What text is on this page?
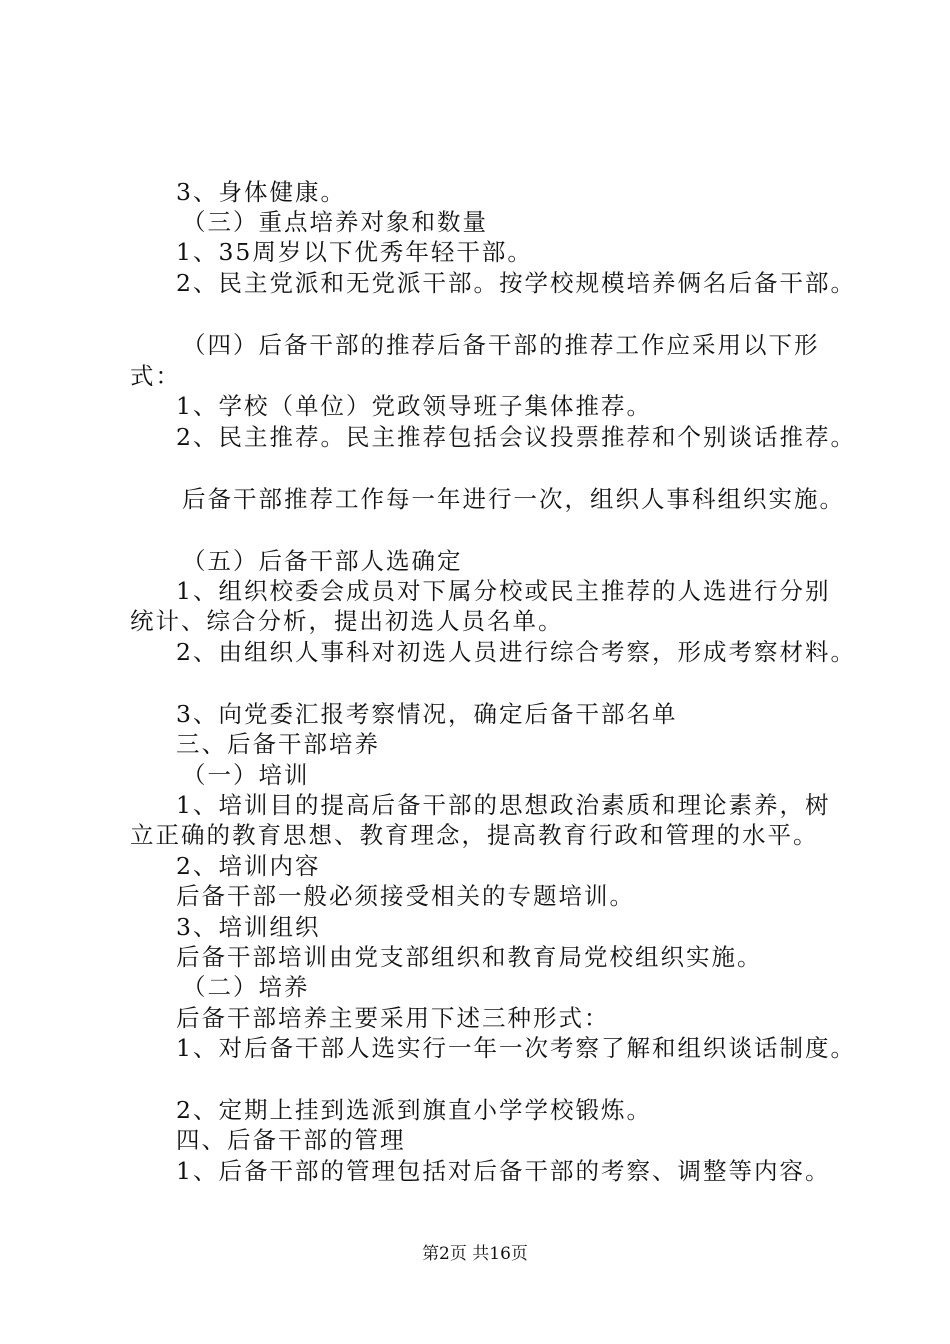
3、身体健康。
（三）重点培养对象和数量
1、35周岁以下优秀年轻干部。
2、民主党派和无党派干部。按学校规模培养俩名后备干部。
（四）后备干部的推荐后备干部的推荐工作应采用以下形
式：
1、学校（单位）党政领导班子集体推荐。
2、民主推荐。民主推荐包括会议投票推荐和个别谈话推荐。
后备干部推荐工作每一年进行一次，组织人事科组织实施。
（五）后备干部人选确定
1、组织校委会成员对下属分校或民主推荐的人选进行分别
统计、综合分析，提出初选人员名单。
2、由组织人事科对初选人员进行综合考察，形成考察材料。
3、向党委汇报考察情况，确定后备干部名单
三、后备干部培养
（一）培训
1、培训目的提高后备干部的思想政治素质和理论素养，树
立正确的教育思想、教育理念，提高教育行政和管理的水平。
2、培训内容
后备干部一般必须接受相关的专题培训。
3、培训组织
后备干部培训由党支部组织和教育局党校组织实施。
（二）培养
后备干部培养主要采用下述三种形式：
1、对后备干部人选实行一年一次考察了解和组织谈话制度。
2、定期上挂到选派到旗直小学学校锻炼。
四、后备干部的管理
1、后备干部的管理包括对后备干部的考察、调整等内容。
第2页 共16页
